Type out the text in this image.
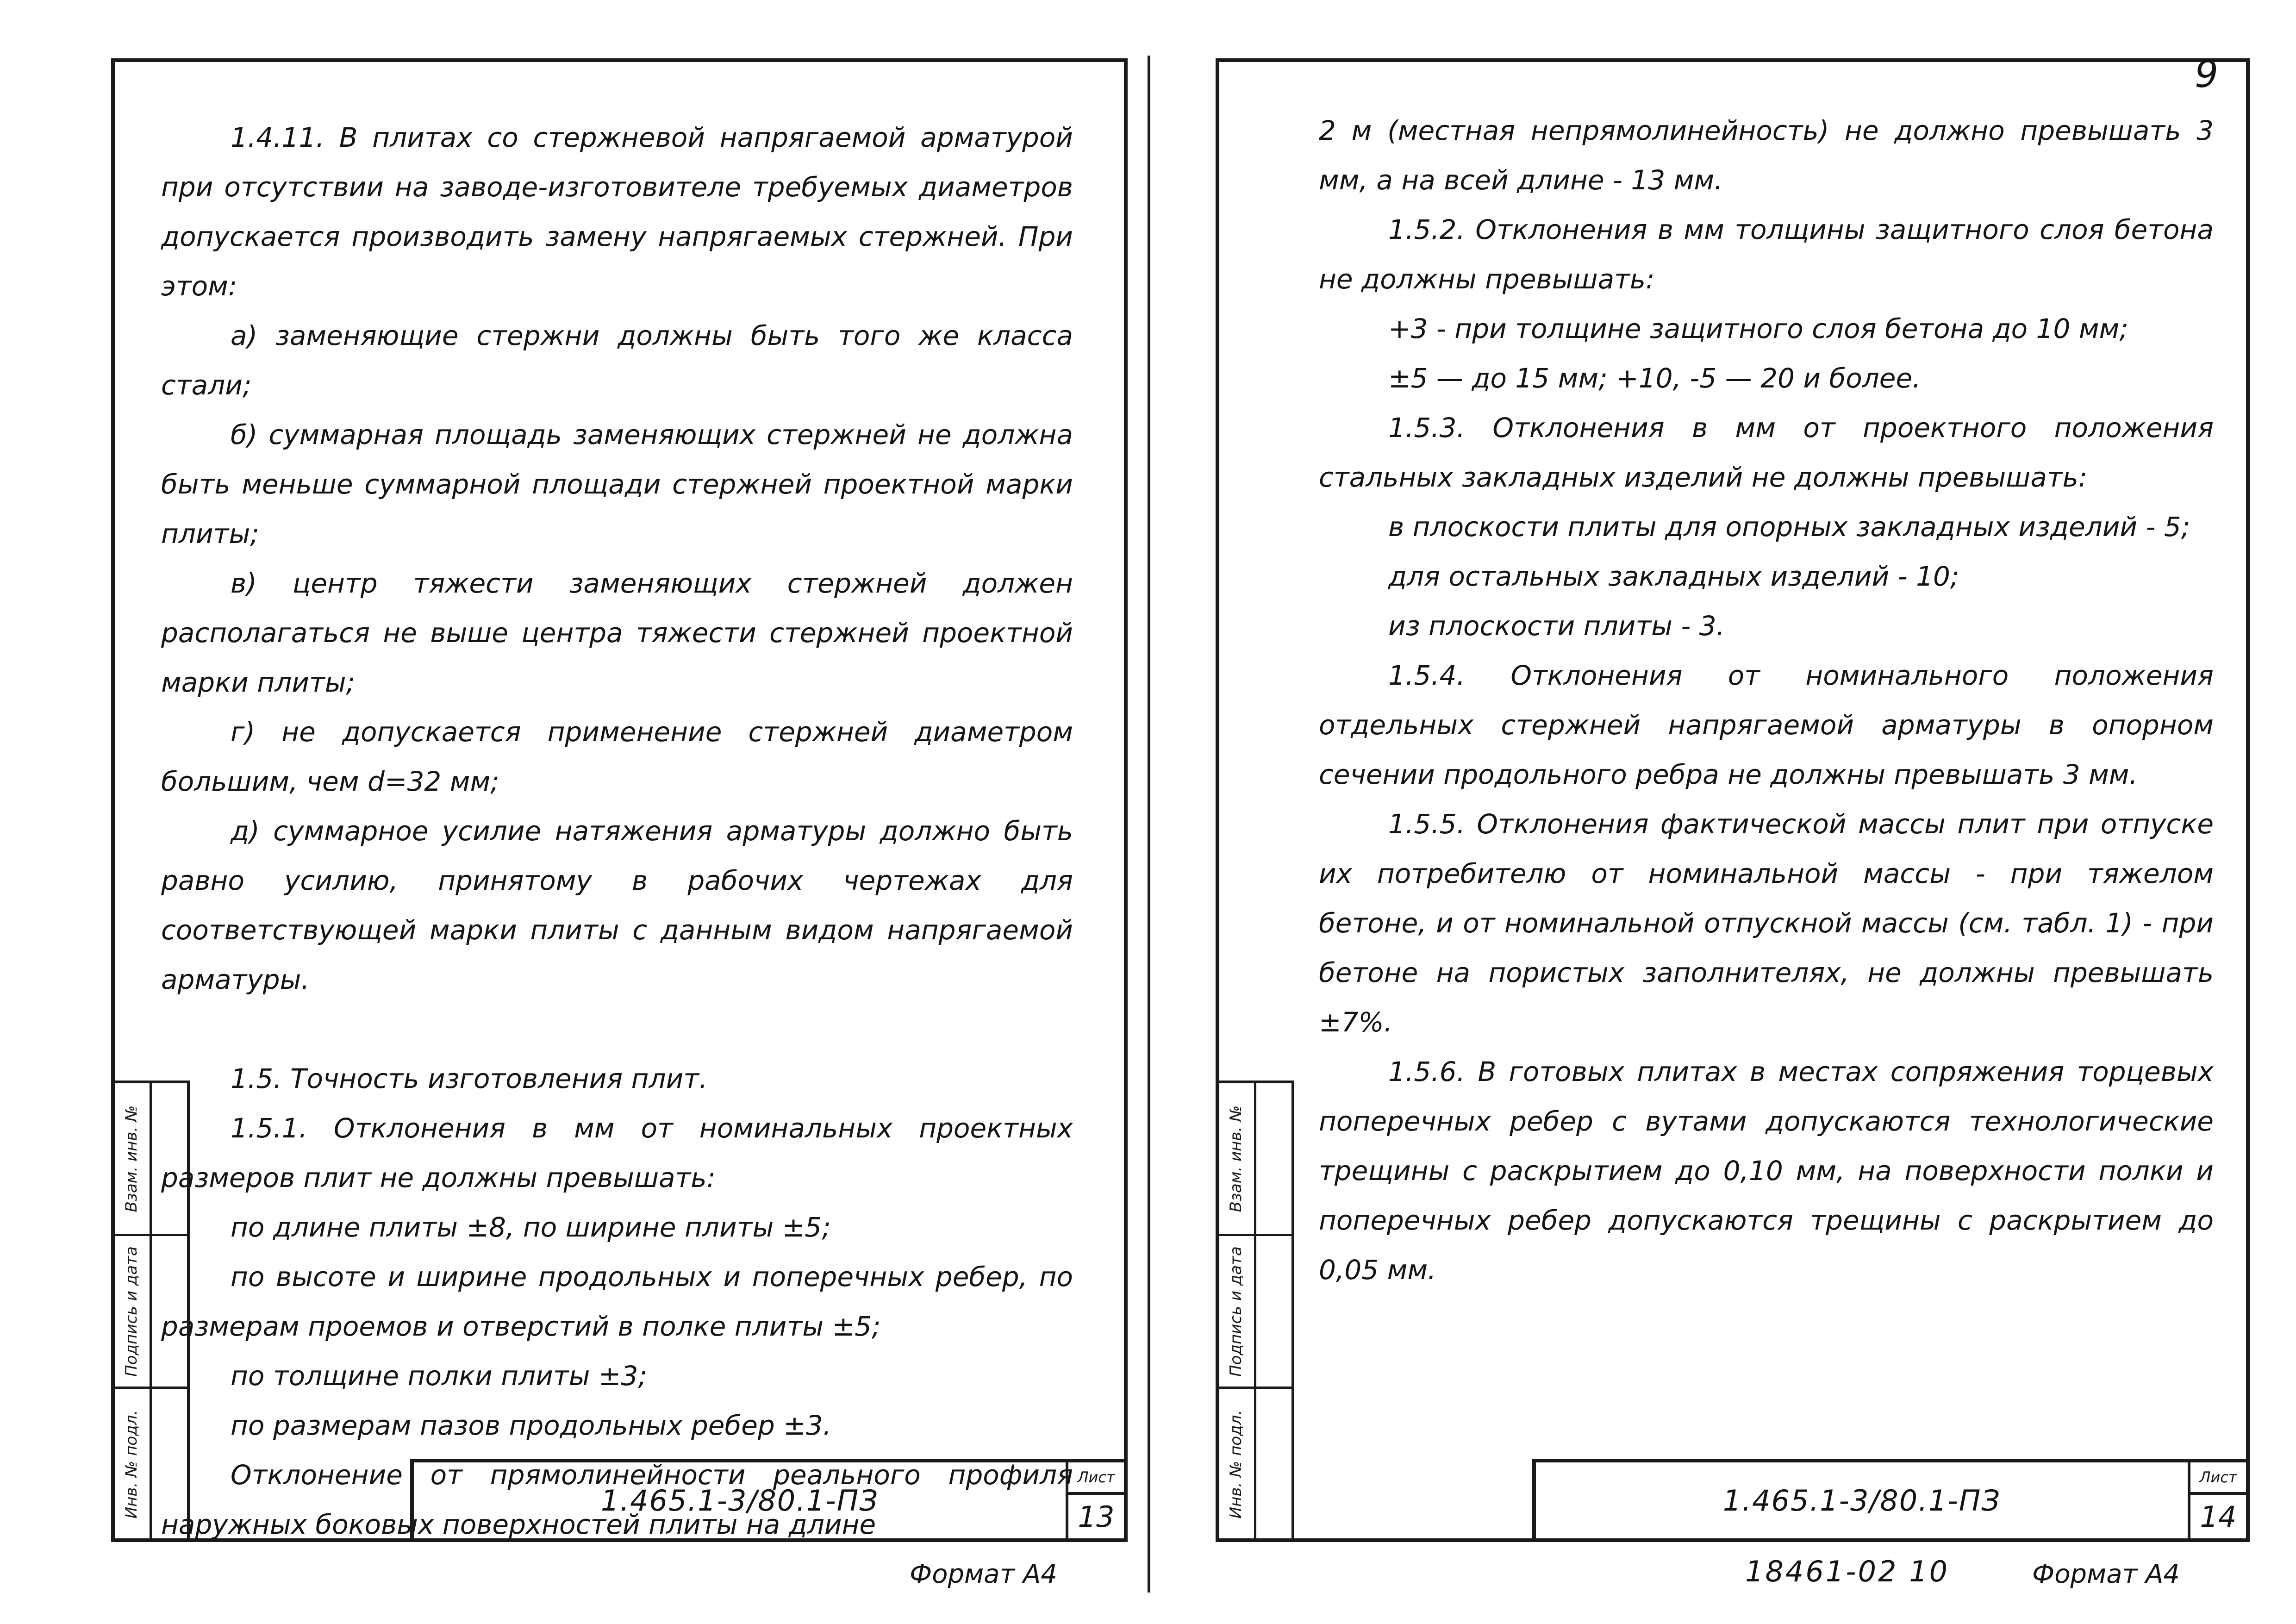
1.4.11. В плитах со стержневой напрягаемой арматурой при отсутствии на заводе-изготовителе требуемых диаметров допускается производить замену напрягаемых стержней. При этом:

а) заменяющие стержни должны быть того же класса стали;

б) суммарная площадь заменяющих стержней не должна быть меньше суммарной площади стержней проектной марки плиты;

в) центр тяжести заменяющих стержней должен располагаться не выше центра тяжести стержней проектной марки плиты;

г) не допускается применение стержней диаметром большим, чем d=32 мм;

д) суммарное усилие натяжения арматуры должно быть равно усилию, принятому в рабочих чертежах для соответствующей марки плиты с данным видом напрягаемой арматуры.

1.5. Точность изготовления плит.

1.5.1. Отклонения в мм от номинальных проектных размеров плит не должны превышать:

по длине плиты ±8, по ширине плиты ±5;

по высоте и ширине продольных и поперечных ребер, по размерам проемов и отверстий в полке плиты ±5;

по толщине полки плиты ±3;

по размерам пазов продольных ребер ±3.

Отклонение от прямолинейности реального профиля наружных боковых поверхностей плиты на длине

Взам. инв. №
Подпись и дата
Инв. № подл.	1.465.1-3/80.1-ПЗ
Лист
13
Формат А4
9

2 м (местная непрямолинейность) не должно превышать 3 мм, а на всей длине - 13 мм.

1.5.2. Отклонения в мм толщины защитного слоя бетона не должны превышать:

+3 - при толщине защитного слоя бетона до 10 мм;

±5 — до 15 мм; +10, -5 — 20 и более.

1.5.3. Отклонения в мм от проектного положения стальных закладных изделий не должны превышать:

в плоскости плиты для опорных закладных изделий - 5;

для остальных закладных изделий - 10;

из плоскости плиты - 3.

1.5.4. Отклонения от номинального положения отдельных стержней напрягаемой арматуры в опорном сечении продольного ребра не должны превышать 3 мм.

1.5.5. Отклонения фактической массы плит при отпуске их потребителю от номинальной массы - при тяжелом бетоне, и от номинальной отпускной массы (см. табл. 1) - при бетоне на пористых заполнителях, не должны превышать ±7%.

1.5.6. В готовых плитах в местах сопряжения торцевых поперечных ребер с вутами допускаются технологические трещины с раскрытием до 0,10 мм, на поверхности полки и поперечных ребер допускаются трещины с раскрытием до 0,05 мм.

Взам. инв. №
Подпись и дата
Инв. № подл.	1.465.1-3/80.1-ПЗ
Лист
14
18461-02 10	Формат А4
